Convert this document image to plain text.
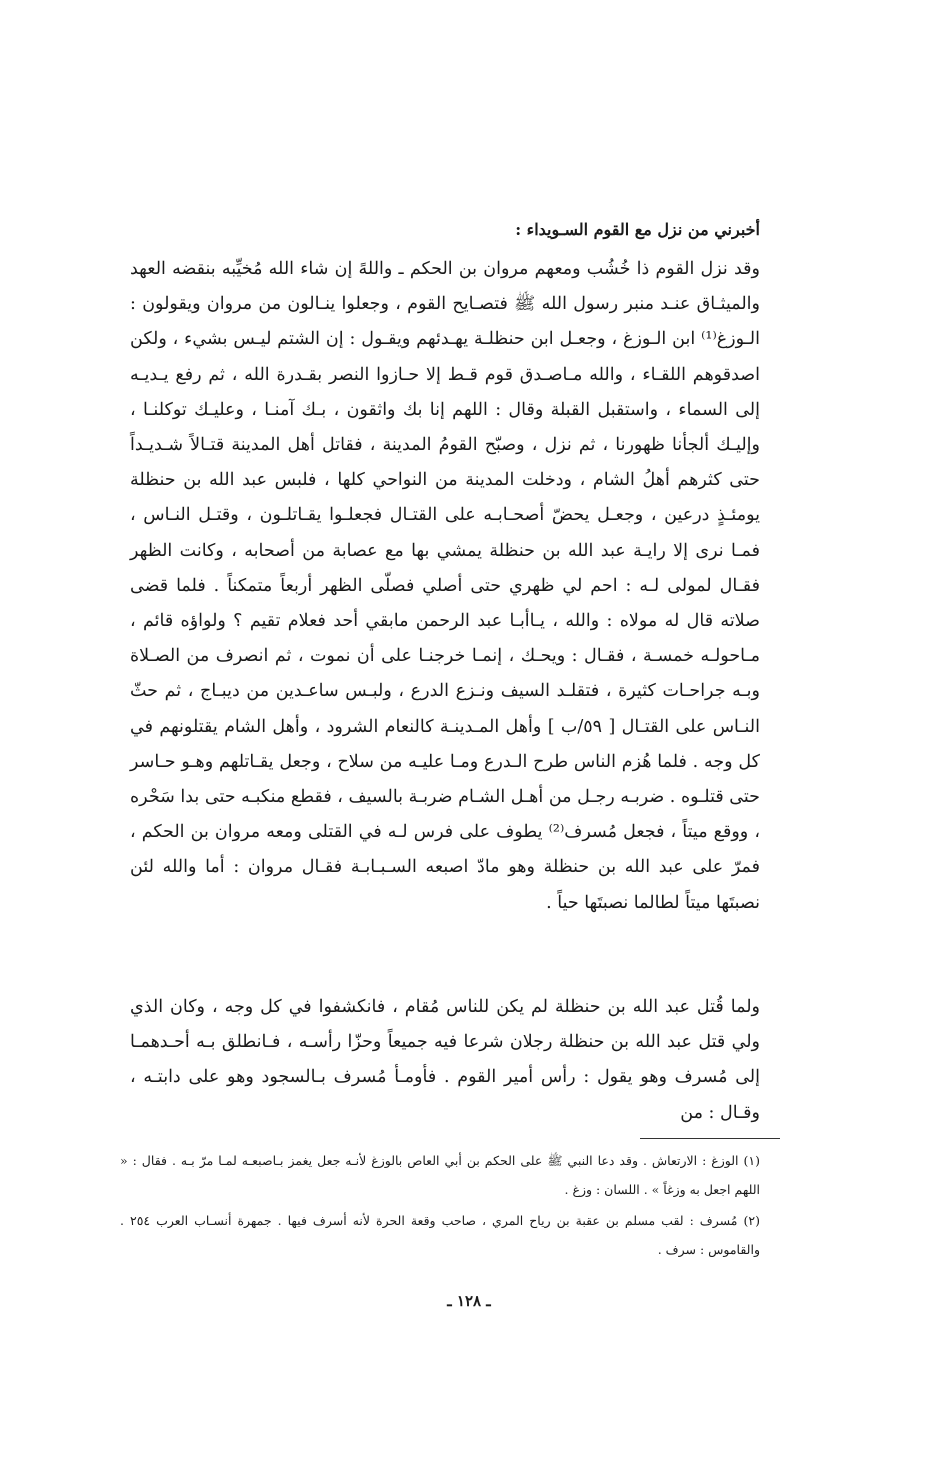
أخبرني من نزل مع القوم السـويداء :

وقد نزل القوم ذا خُشُب ومعهم مروان بن الحكم ـ واللهً إن شاء الله مُخيِّبه بنقضه العهد والميثـاق عنـد منبر رسول الله ﷺ فتصـايح القوم ، وجعلوا ينـالون من مروان ويقولون : الـوزغ⁽¹⁾ ابن الـوزغ ، وجعـل ابن حنظلـة يهـدئهم ويقـول : إن الشتم ليـس بشيء ، ولكن اصدقوهم اللقـاء ، والله مـاصـدق قوم قـط إلا حـازوا النصر بقـدرة الله ، ثم رفع يـديـه إلى السماء ، واستقبل القبلة وقال : اللهم إنا بك واثقون ، بـك آمنـا ، وعليـك توكلنـا ، وإليـك ألجأنا ظهورنا ، ثم نزل ، وصبّح القومُ المدينة ، فقاتل أهل المدينة قتـالاً شـديـداً حتى كثرهم أهلُ الشام ، ودخلت المدينة من النواحي كلها ، فلبس عبد الله بن حنظلة يومئـذٍ درعين ، وجعـل يحضّ أصحـابـه على القتـال فجعلـوا يقـاتلـون ، وقتـل النـاس ، فمـا نرى إلا رايـة عبد الله بن حنظلة يمشي بها مع عصابة من أصحابه ، وكانت الظهر فقـال لمولى لـه : احم لي ظهري حتى أصلي فصلّى الظهر أربعاً متمكناً . فلما قضى صلاته قال له مولاه : والله ، يـاأبـا عبد الرحمن مابقي أحد فعلام تقيم ؟ ولواؤه قائم ، مـاحولـه خمسـة ، فقـال : ويحـك ، إنمـا خرجنـا على أن نموت ، ثم انصرف من الصـلاة وبـه جراحـات كثيرة ، فتقلـد السيف ونـزع الدرع ، ولبـس ساعـدين من ديبـاج ، ثم حثّ النـاس على القتـال [ ٥٩/ب ] وأهل المـدينـة كالنعام الشرود ، وأهل الشام يقتلونهم في كل وجه . فلما هُزم الناس طرح الـدرع ومـا عليـه من سلاح ، وجعل يقـاتلهم وهـو حـاسر حتى قتلـوه . ضربـه رجـل من أهـل الشـام ضربـة بالسيف ، فقطع منكبـه حتى بدا سَحْره ، ووقع ميتاً ، فجعل مُسرف⁽²⁾ يطوف على فرس لـه في القتلى ومعه مروان بن الحكم ، فمرّ على عبد الله بن حنظلة وهو مادّ اصبعه السـبـابـة فقـال مروان : أما والله لئن نصبتَها ميتاً لطالما نصبتَها حياً .

ولما قُتل عبد الله بن حنظلة لم يكن للناس مُقام ، فانكشفوا في كل وجه ، وكان الذي ولي قتل عبد الله بن حنظلة رجلان شرعا فيه جميعاً وحزّا رأسـه ، فـانطلق بـه أحـدهمـا إلى مُسرف وهو يقول : رأس أمير القوم . فأومـأ مُسرف بـالسجود وهو على دابتـه ، وقـال : من

(١) الوزغ : الارتعاش . وقد دعا النبي ﷺ على الحكم بن أبي العاص بالوزغ لأنـه جعل يغمز بـاصبعـه لمـا مرّ بـه . فقال : « اللهم اجعل به وزغاً » . اللسان : وزغ .

(٢) مُسرف : لقب مسلم بن عقبة بن رياح المري ، صاحب وقعة الحرة لأنه أسرف فيها . جمهرة أنسـاب العرب ٢٥٤ . والقاموس : سرف .

ـ ١٢٨ ـ
